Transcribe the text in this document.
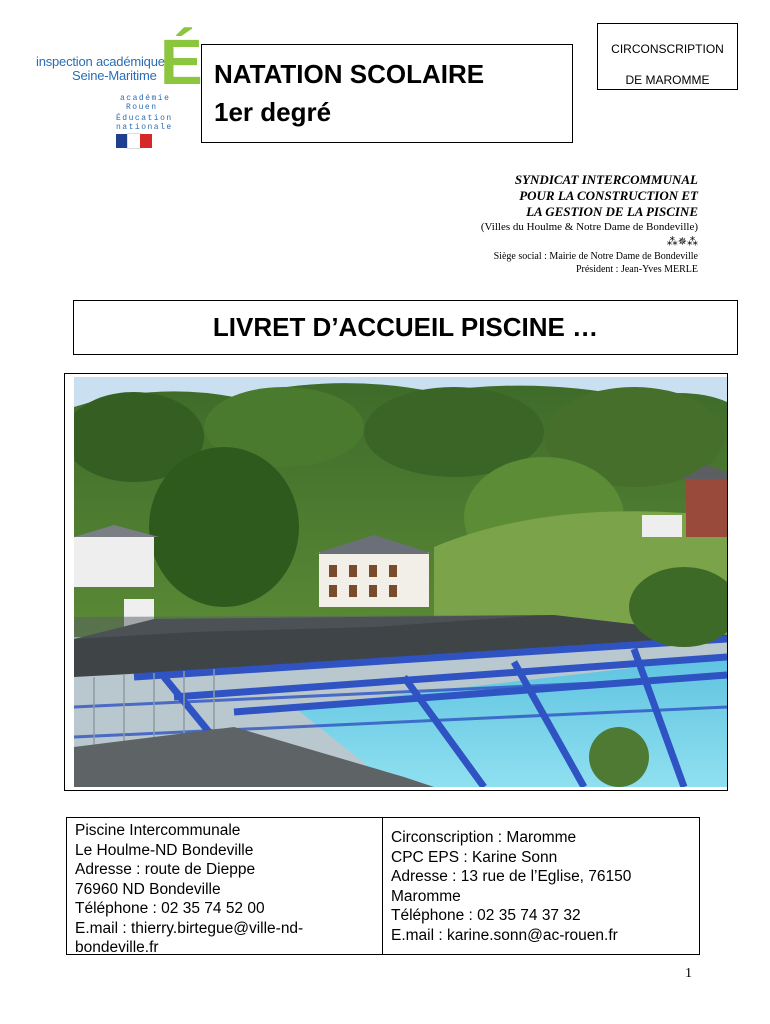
inspection académique
Seine-Maritime É
académie
Rouen
Éducation
nationale
NATATION SCOLAIRE
1er degré
CIRCONSCRIPTION
DE MAROMME
SYNDICAT INTERCOMMUNAL
POUR LA CONSTRUCTION ET
LA GESTION DE LA PISCINE
(Villes du Houlme & Notre Dame de Bondeville)
⁂✵⁂
Siège social : Mairie de Notre Dame de Bondeville
Président : Jean-Yves MERLE
LIVRET D’ACCUEIL PISCINE …
Piscine Intercommunale
Le Houlme-ND Bondeville
Adresse : route de Dieppe
76960 ND Bondeville
Téléphone : 02 35 74 52 00
E.mail : thierry.birtegue@ville-nd-
bondeville.fr
Circonscription : Maromme
CPC EPS : Karine Sonn
Adresse : 13 rue de l’Eglise, 76150
Maromme
Téléphone : 02 35 74 37 32
E.mail : karine.sonn@ac-rouen.fr
1
